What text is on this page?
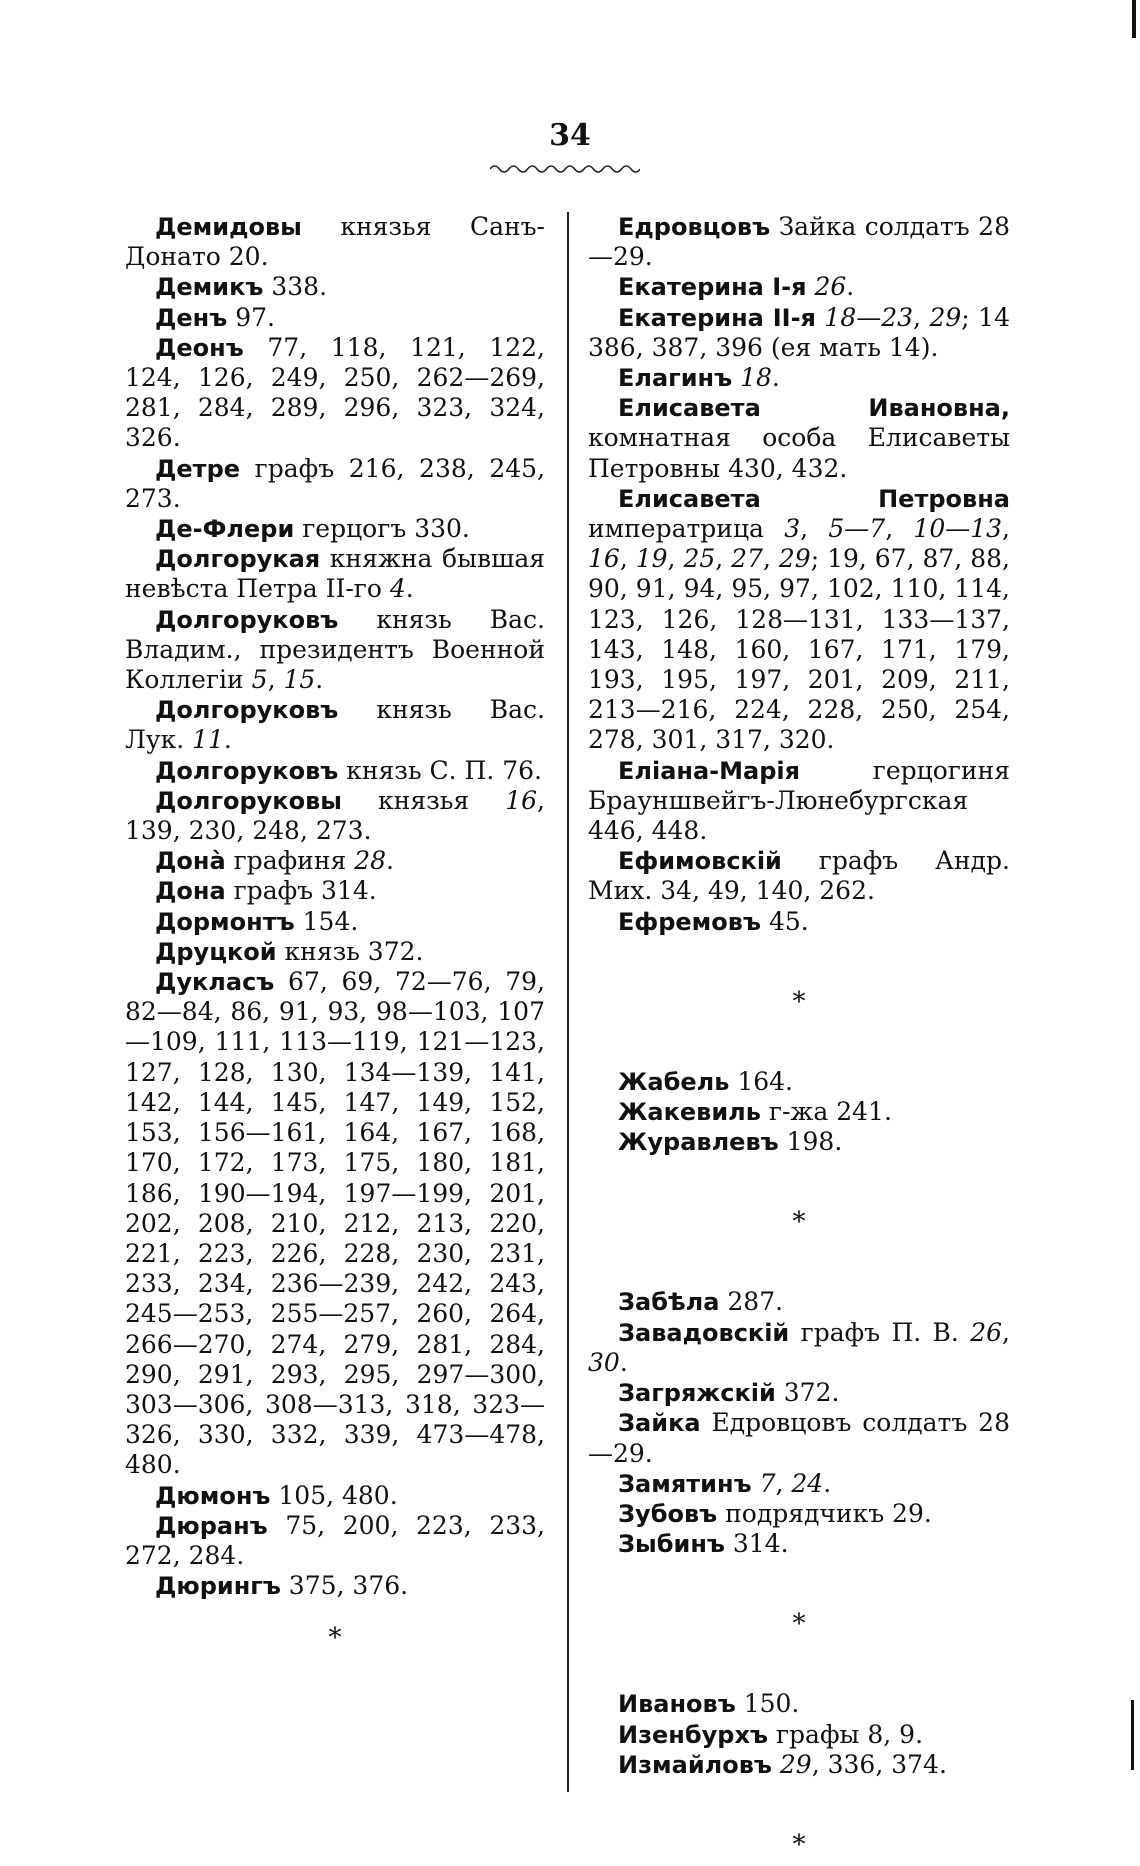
34

Демидовы князья Санъ-Донато 20.

Демикъ 338.

Денъ 97.

Деонъ 77, 118, 121, 122, 124, 126, 249, 250, 262—269, 281, 284, 289, 296, 323, 324, 326.

Детре графъ 216, 238, 245, 273.

Де-Флери герцогъ 330.

Долгорукая княжна бывшая невѣста Петра II-го 4.

Долгоруковъ князь Вас. Владим., президентъ Военной Коллегіи 5, 15.

Долгоруковъ князь Вас. Лук. 11.

Долгоруковъ князь С. П. 76.

Долгоруковы князья 16, 139, 230, 248, 273.

Донà графиня 28.

Дона графъ 314.

Дормонтъ 154.

Друцкой князь 372.

Дукласъ 67, 69, 72—76, 79, 82—84, 86, 91, 93, 98—103, 107—109, 111, 113—119, 121—123, 127, 128, 130, 134—139, 141, 142, 144, 145, 147, 149, 152, 153, 156—161, 164, 167, 168, 170, 172, 173, 175, 180, 181, 186, 190—194, 197—199, 201, 202, 208, 210, 212, 213, 220, 221, 223, 226, 228, 230, 231, 233, 234, 236—239, 242, 243, 245—253, 255—257, 260, 264, 266—270, 274, 279, 281, 284, 290, 291, 293, 295, 297—300, 303—306, 308—313, 318, 323—326, 330, 332, 339, 473—478, 480.

Дюмонъ 105, 480.

Дюранъ 75, 200, 223, 233, 272, 284.

Дюрингъ 375, 376.

*

Едровцовъ Зайка солдатъ 28—29.

Екатерина І-я 26.

Екатерина ІІ-я 18—23, 29; 14 386, 387, 396 (ея мать 14).

Елагинъ 18.

Елисавета Ивановна, комнатная особа Елисаветы Петровны 430, 432.

Елисавета Петровна императрица 3, 5—7, 10—13, 16, 19, 25, 27, 29; 19, 67, 87, 88, 90, 91, 94, 95, 97, 102, 110, 114, 123, 126, 128—131, 133—137, 143, 148, 160, 167, 171, 179, 193, 195, 197, 201, 209, 211, 213—216, 224, 228, 250, 254, 278, 301, 317, 320.

Еліана-Марія герцогиня Брауншвейгъ-Люнебургская 446, 448.

Ефимовскій графъ Андр. Мих. 34, 49, 140, 262.

Ефремовъ 45.

*

Жабель 164.

Жакевиль г-жа 241.

Журавлевъ 198.

*

Забѣла 287.

Завадовскій графъ П. В. 26, 30.

Загряжскій 372.

Зайка Едровцовъ солдатъ 28—29.

Замятинъ 7, 24.

Зубовъ подрядчикъ 29.

Зыбинъ 314.

*

Ивановъ 150.

Изенбурхъ графы 8, 9.

Измайловъ 29, 336, 374.

*
